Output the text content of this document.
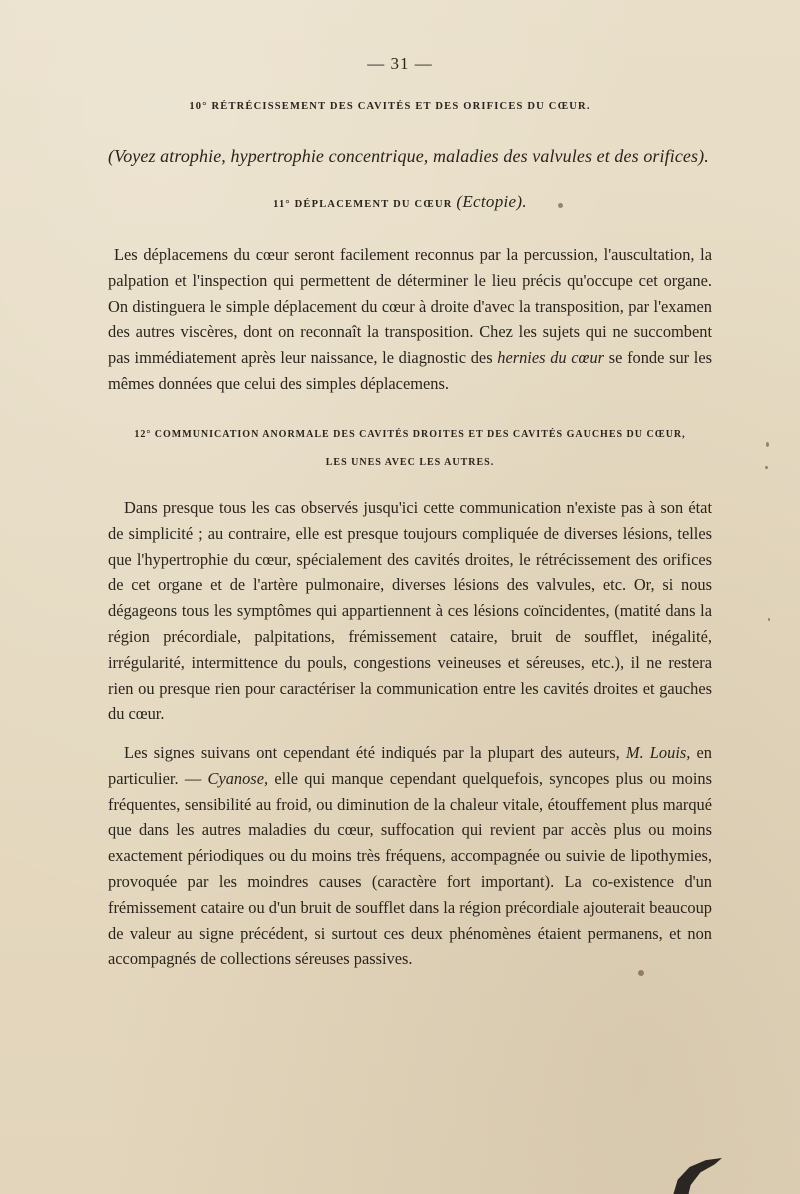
— 31 —
10° RÉTRÉCISSEMENT DES CAVITÉS ET DES ORIFICES DU CŒUR.
(Voyez atrophie, hypertrophie concentrique, maladies des valvules et des orifices).
11° DÉPLACEMENT DU CŒUR (Ectopie).
Les déplacemens du cœur seront facilement reconnus par la percussion, l'auscultation, la palpation et l'inspection qui permettent de déterminer le lieu précis qu'occupe cet organe. On distinguera le simple déplacement du cœur à droite d'avec la transposition, par l'examen des autres viscères, dont on reconnaît la transposition. Chez les sujets qui ne succombent pas immédiatement après leur naissance, le diagnostic des hernies du cœur se fonde sur les mêmes données que celui des simples déplacemens.
12° COMMUNICATION ANORMALE DES CAVITÉS DROITES ET DES CAVITÉS GAUCHES DU CŒUR,
LES UNES AVEC LES AUTRES.
Dans presque tous les cas observés jusqu'ici cette communication n'existe pas à son état de simplicité ; au contraire, elle est presque toujours compliquée de diverses lésions, telles que l'hypertrophie du cœur, spécialement des cavités droites, le rétrécissement des orifices de cet organe et de l'artère pulmonaire, diverses lésions des valvules, etc. Or, si nous dégageons tous les symptômes qui appartiennent à ces lésions coïncidentes, (matité dans la région précordiale, palpitations, frémissement cataire, bruit de soufflet, inégalité, irrégularité, intermittence du pouls, congestions veineuses et séreuses, etc.), il ne restera rien ou presque rien pour caractériser la communication entre les cavités droites et gauches du cœur.
Les signes suivans ont cependant été indiqués par la plupart des auteurs, M. Louis, en particulier. — Cyanose, elle qui manque cependant quelquefois, syncopes plus ou moins fréquentes, sensibilité au froid, ou diminution de la chaleur vitale, étouffement plus marqué que dans les autres maladies du cœur, suffocation qui revient par accès plus ou moins exactement périodiques ou du moins très fréquens, accompagnée ou suivie de lipothymies, provoquée par les moindres causes (caractère fort important). La co-existence d'un frémissement cataire ou d'un bruit de soufflet dans la région précordiale ajouterait beaucoup de valeur au signe précédent, si surtout ces deux phénomènes étaient permanens, et non accompagnés de collections séreuses passives.
